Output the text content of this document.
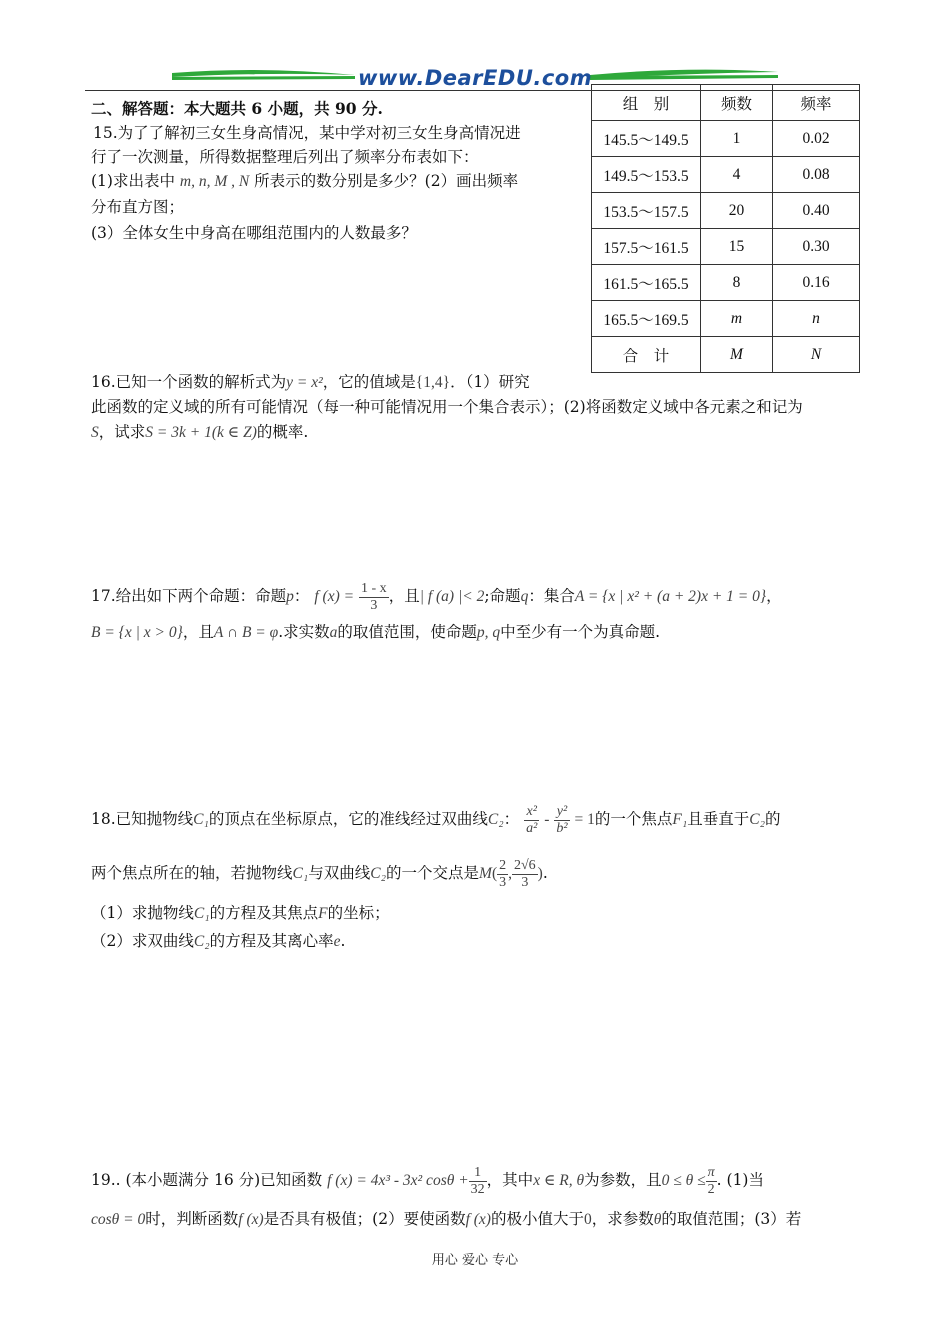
www.DearEDU.com
二、解答题：本大题共 6 小题，共 90 分.
15.为了了解初三女生身高情况，某中学对初三女生身高情况进
行了一次测量，所得数据整理后列出了频率分布表如下：
(1)求出表中 m, n, M , N 所表示的数分别是多少？(2）画出频率
分布直方图；
(3）全体女生中身高在哪组范围内的人数最多？
组　别	频数	频率
145.5～149.5	1	0.02
149.5～153.5	4	0.08
153.5～157.5	20	0.40
157.5～161.5	15	0.30
161.5～165.5	8	0.16
165.5～169.5	m	n
合　计	M	N
16.已知一个函数的解析式为y = x²，它的值域是{1,4}．（1）研究
此函数的定义域的所有可能情况（每一种可能情况用一个集合表示）；(2)将函数定义域中各元素之和记为
S，试求S = 3k + 1(k ∈ Z)的概率.
17.给出如下两个命题：命题p： f $(x) = \frac{1 - x}{3}$ ，且| f (a) |< 2;命题q：集合A = {x | x² + (a + 2)x + 1 = 0}，
B = {x | x > 0}，且A ∩ B = φ.求实数a的取值范围，使命题p, q中至少有一个为真命题.
18.已知抛物线C₁的顶点在坐标原点，它的准线经过双曲线C₂： $\frac{\text{x²}}{\text{a²}} - \frac{\text{y²}}{\text{b²}} = 1$的一个焦点F₁且垂直于C₂的
两个焦点所在的轴，若抛物线C₁与双曲线C₂的一个交点是$M( \frac{2}{3}$ , $\frac{2√6}{3}$ ).
（1）求抛物线C₁的方程及其焦点F的坐标；
（2）求双曲线C₂的方程及其离心率e.
19.. (本小题满分 16 分)已知函数 f (x) = 4x³ - 3x² $\cos\theta + \frac{1}{32}$ ，其中x ∈ R, θ为参数，且$0 \le \theta \le \frac{\pi}{2}$ . (1)当
cosθ = 0时，判断函数f (x)是否具有极值；(2）要使函数f (x)的极小值大于0，求参数θ的取值范围；(3）若
用心 爱心 专心
